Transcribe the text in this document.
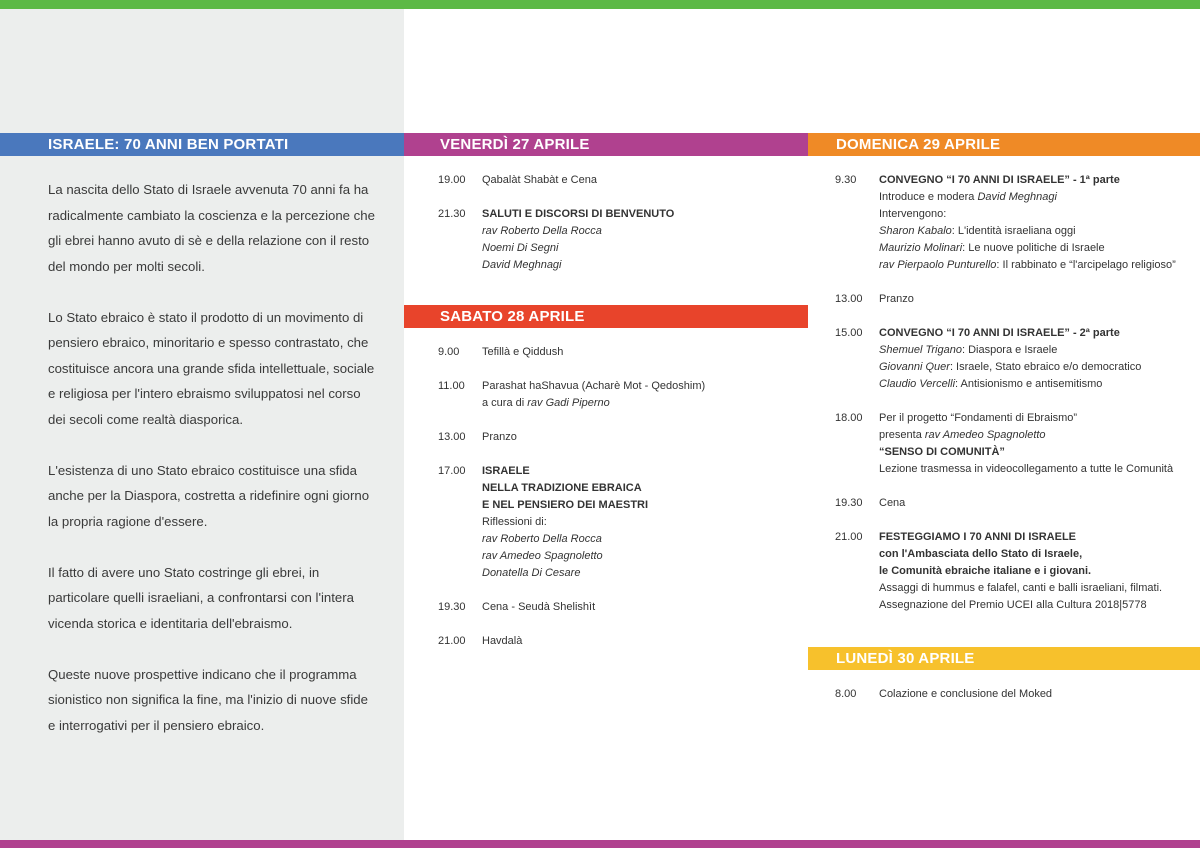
ISRAELE: 70 ANNI BEN PORTATI	VENERDÌ 27 APRILE
SABATO 28 APRILE
DOMENICA 29 APRILE
LUNEDÌ 30 APRILE

La nascita dello Stato di Israele avvenuta 70 anni fa ha
radicalmente cambiato la coscienza e la percezione che
gli ebrei hanno avuto di sè e della relazione con il resto
del mondo per molti secoli.

Lo Stato ebraico è stato il prodotto di un movimento di
pensiero ebraico, minoritario e spesso contrastato, che
costituisce ancora una grande sfida intellettuale, sociale
e religiosa per l'intero ebraismo sviluppatosi nel corso
dei secoli come realtà diasporica.

L'esistenza di uno Stato ebraico costituisce una sfida
anche per la Diaspora, costretta a ridefinire ogni giorno
la propria ragione d'essere.

Il fatto di avere uno Stato costringe gli ebrei, in
particolare quelli israeliani, a confrontarsi con l'intera
vicenda storica e identitaria dell'ebraismo.

Queste nuove prospettive indicano che il programma
sionistico non significa la fine, ma l'inizio di nuove sfide
e interrogativi per il pensiero ebraico.

19.00	Qabalàt Shabàt e Cena
21.30	SALUTI E DISCORSI DI BENVENUTO
rav Roberto Della Rocca
Noemi Di Segni
David Meghnagi
9.00	Tefillà e Qiddush
11.00	Parashat haShavua (Acharè Mot - Qedoshim)
a cura di rav Gadi Piperno
13.00	Pranzo
17.00	ISRAELE
NELLA TRADIZIONE EBRAICA
E NEL PENSIERO DEI MAESTRI
Riflessioni di:
rav Roberto Della Rocca
rav Amedeo Spagnoletto
Donatella Di Cesare
19.30	Cena - Seudà Shelishìt
21.00	Havdalà
9.30	CONVEGNO “I 70 ANNI DI ISRAELE” - 1ª parte
Introduce e modera David Meghnagi
Intervengono:
Sharon Kabalo: L'identità israeliana oggi
Maurizio Molinari: Le nuove politiche di Israele
rav Pierpaolo Punturello: Il rabbinato e “l'arcipelago religioso”
13.00	Pranzo
15.00	CONVEGNO “I 70 ANNI DI ISRAELE” - 2ª parte
Shemuel Trigano: Diaspora e Israele
Giovanni Quer: Israele, Stato ebraico e/o democratico
Claudio Vercelli: Antisionismo e antisemitismo
18.00	Per il progetto “Fondamenti di Ebraismo”
presenta rav Amedeo Spagnoletto
“SENSO DI COMUNITÀ”
Lezione trasmessa in videocollegamento a tutte le Comunità
19.30	Cena
21.00	FESTEGGIAMO I 70 ANNI DI ISRAELE
con l'Ambasciata dello Stato di Israele,
le Comunità ebraiche italiane e i giovani.
Assaggi di hummus e falafel, canti e balli israeliani, filmati.
Assegnazione del Premio UCEI alla Cultura 2018|5778
8.00	Colazione e conclusione del Moked
